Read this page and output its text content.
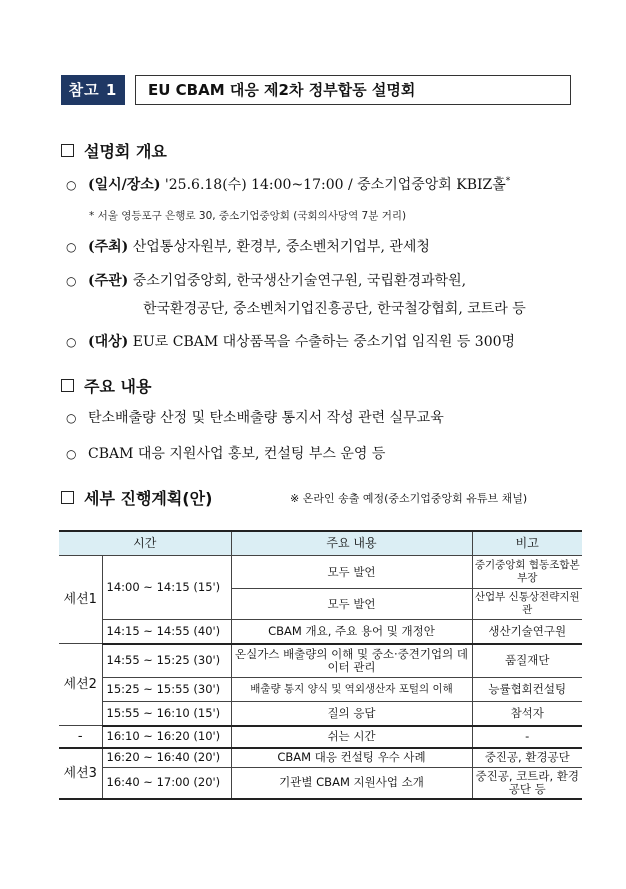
참고 1	EU CBAM 대응 제2차 정부합동 설명회
설명회 개요
○ (일시/장소) '25.6.18(수) 14:00~17:00 / 중소기업중앙회 KBIZ홀*
* 서울 영등포구 은행로 30, 중소기업중앙회 (국회의사당역 7분 거리)
○ (주최) 산업통상자원부, 환경부, 중소벤처기업부, 관세청
○ (주관) 중소기업중앙회, 한국생산기술연구원, 국립환경과학원,
한국환경공단, 중소벤처기업진흥공단, 한국철강협회, 코트라 등
○ (대상) EU로 CBAM 대상품목을 수출하는 중소기업 임직원 등 300명
주요 내용
○ 탄소배출량 산정 및 탄소배출량 통지서 작성 관련 실무교육
○ CBAM 대응 지원사업 홍보, 컨설팅 부스 운영 등
세부 진행계획(안)	※ 온라인 송출 예정(중소기업중앙회 유튜브 채널)
시간		주요 내용	비고
세션1	14:00 ~ 14:15 (15')	모두 발언	중기중앙회 협동조합본부장
		모두 발언	산업부 신통상전략지원관
	14:15 ~ 14:55 (40')	CBAM 개요, 주요 용어 및 개정안	생산기술연구원
세션2	14:55 ~ 15:25 (30')	온실가스 배출량의 이해 및 중소·중견기업의 데이터 관리	품질재단
	15:25 ~ 15:55 (30')	배출량 통지 양식 및 역외생산자 포털의 이해	능률협회컨설팅
	15:55 ~ 16:10 (15')	질의 응답	참석자
-	16:10 ~ 16:20 (10')	쉬는 시간	-
세션3	16:20 ~ 16:40 (20')	CBAM 대응 컨설팅 우수 사례	중진공, 환경공단
	16:40 ~ 17:00 (20')	기관별 CBAM 지원사업 소개	중진공, 코트라, 환경공단 등
